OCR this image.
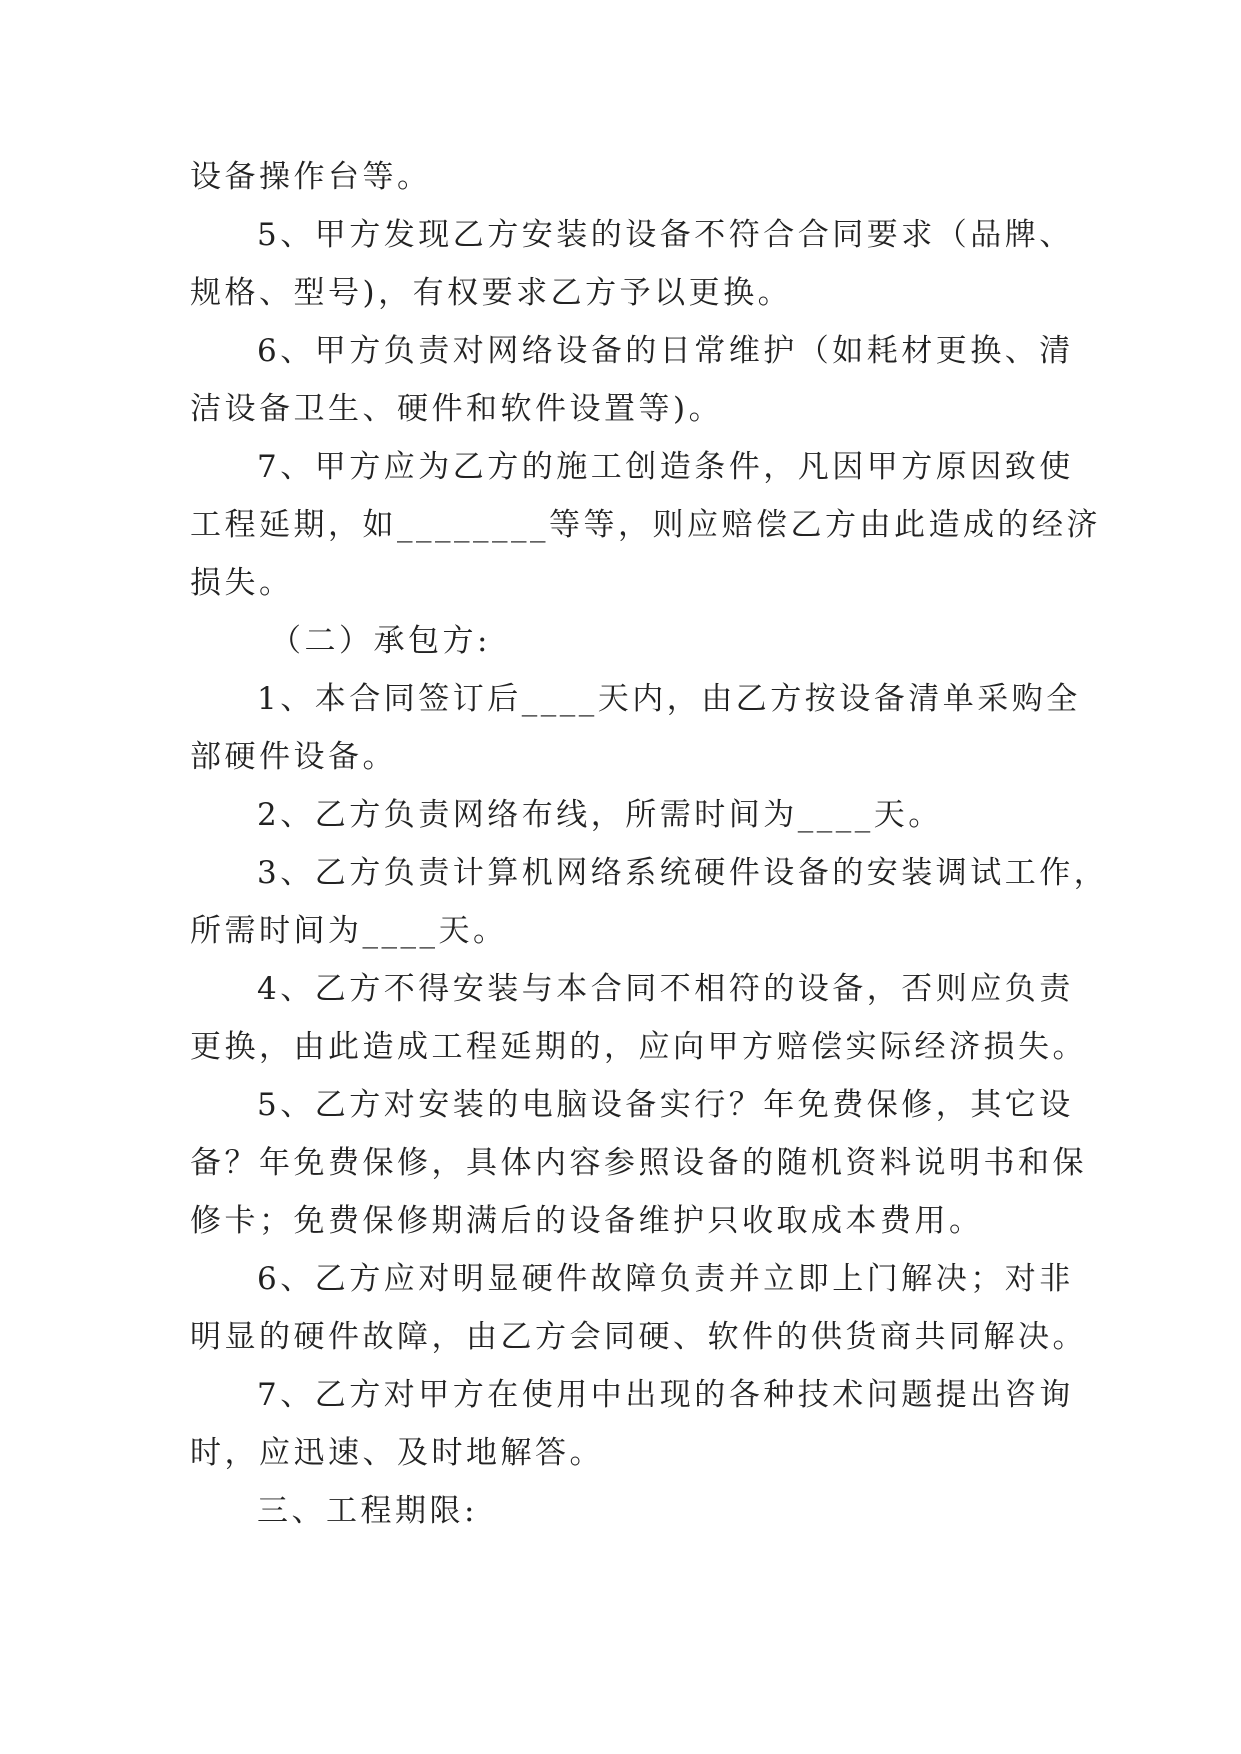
设备操作台等。
5、甲方发现乙方安装的设备不符合合同要求（品牌、
规格、型号)，有权要求乙方予以更换。
6、甲方负责对网络设备的日常维护（如耗材更换、清
洁设备卫生、硬件和软件设置等)。
7、甲方应为乙方的施工创造条件，凡因甲方原因致使
工程延期，如________等等，则应赔偿乙方由此造成的经济
损失。
（二）承包方:
1、本合同签订后____天内，由乙方按设备清单采购全
部硬件设备。
2、乙方负责网络布线，所需时间为____天。
3、乙方负责计算机网络系统硬件设备的安装调试工作，
所需时间为____天。
4、乙方不得安装与本合同不相符的设备，否则应负责
更换，由此造成工程延期的，应向甲方赔偿实际经济损失。
5、乙方对安装的电脑设备实行？年免费保修，其它设
备？年免费保修，具体内容参照设备的随机资料说明书和保
修卡；免费保修期满后的设备维护只收取成本费用。
6、乙方应对明显硬件故障负责并立即上门解决；对非
明显的硬件故障，由乙方会同硬、软件的供货商共同解决。
7、乙方对甲方在使用中出现的各种技术问题提出咨询
时，应迅速、及时地解答。
三、工程期限:
